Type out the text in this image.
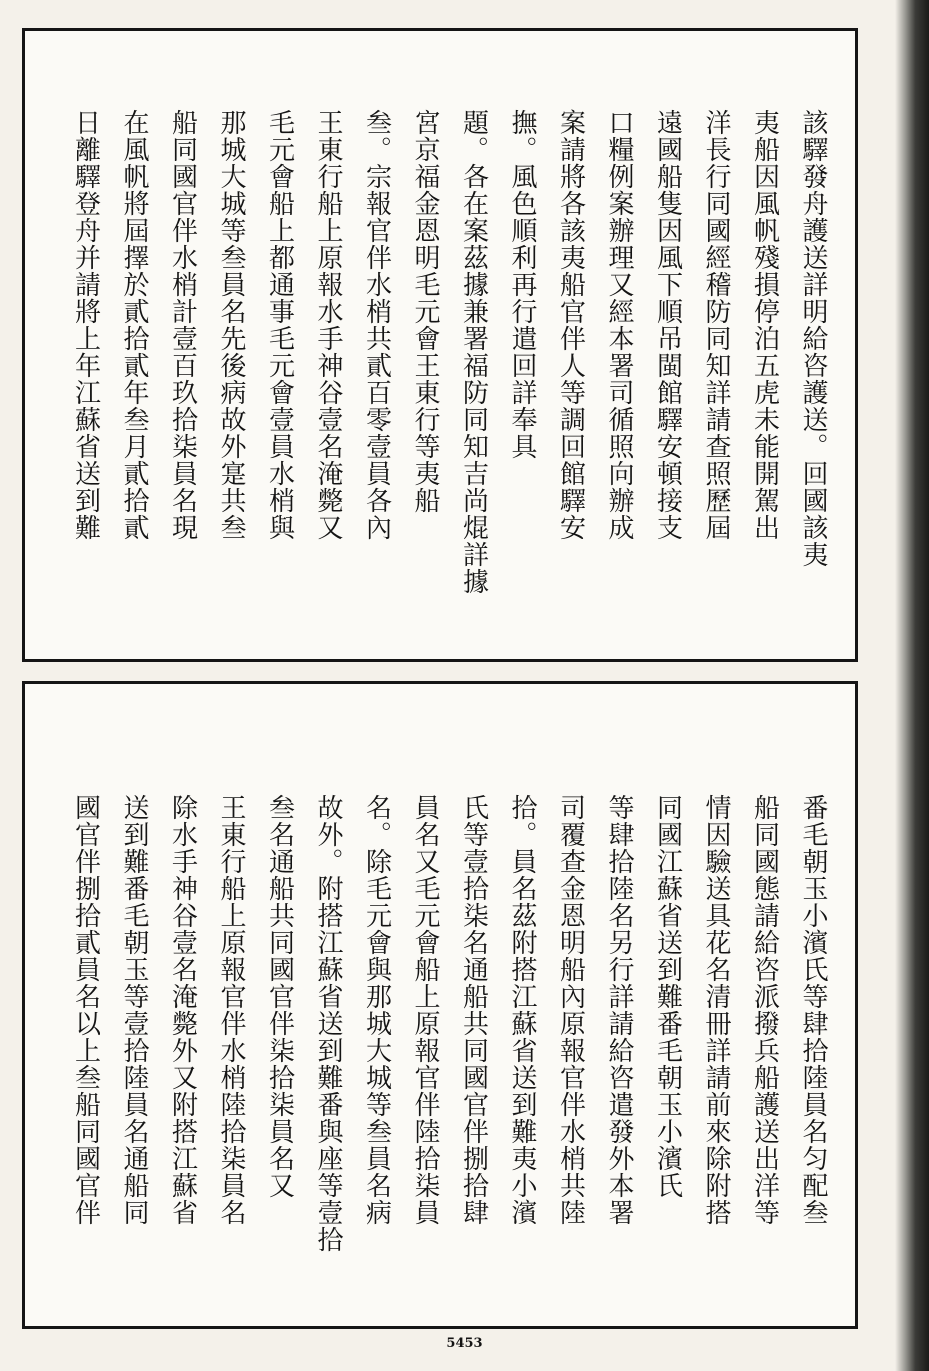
該驛發舟護送詳明給咨護送。回國該夷
夷船因風帆殘損停泊五虎未能開駕出
洋長行同國經稽防同知詳請查照歷屆
遠國船隻因風下順吊閩館驛安頓接支
口糧例案辦理又經本署司循照向辦成
案請將各該夷船官伴人等調回館驛安
撫。風色順利再行遣回詳奉具
題。各在案茲據兼署福防同知吉尚焜詳據
宮京福金恩明毛元會王東行等夷船
叁。宗報官伴水梢共貳百零壹員各內
王東行船上原報水手神谷壹名淹斃又
毛元會船上都通事毛元會壹員水梢與
那城大城等叁員名先後病故外寔共叁
船同國官伴水梢計壹百玖拾柒員名現
在風帆將屆擇於貳拾貳年叁月貳拾貳
日離驛登舟并請將上年江蘇省送到難
番毛朝玉小濱氏等肆拾陸員名匀配叁
船同國態請給咨派撥兵船護送出洋等
情因驗送具花名清冊詳請前來除附搭
同國江蘇省送到難番毛朝玉小濱氏
等肆拾陸名另行詳請給咨遣發外本署
司覆查金恩明船內原報官伴水梢共陸
拾。員名茲附搭江蘇省送到難夷小濱
氏等壹拾柒名通船共同國官伴捌拾肆
員名又毛元會船上原報官伴陸拾柒員
名。除毛元會與那城大城等叁員名病
故外。附搭江蘇省送到難番與座等壹拾
叁名通船共同國官伴柒拾柒員名又
王東行船上原報官伴水梢陸拾柒員名
除水手神谷壹名淹斃外又附搭江蘇省
送到難番毛朝玉等壹拾陸員名通船同
國官伴捌拾貳員名以上叁船同國官伴
5453
